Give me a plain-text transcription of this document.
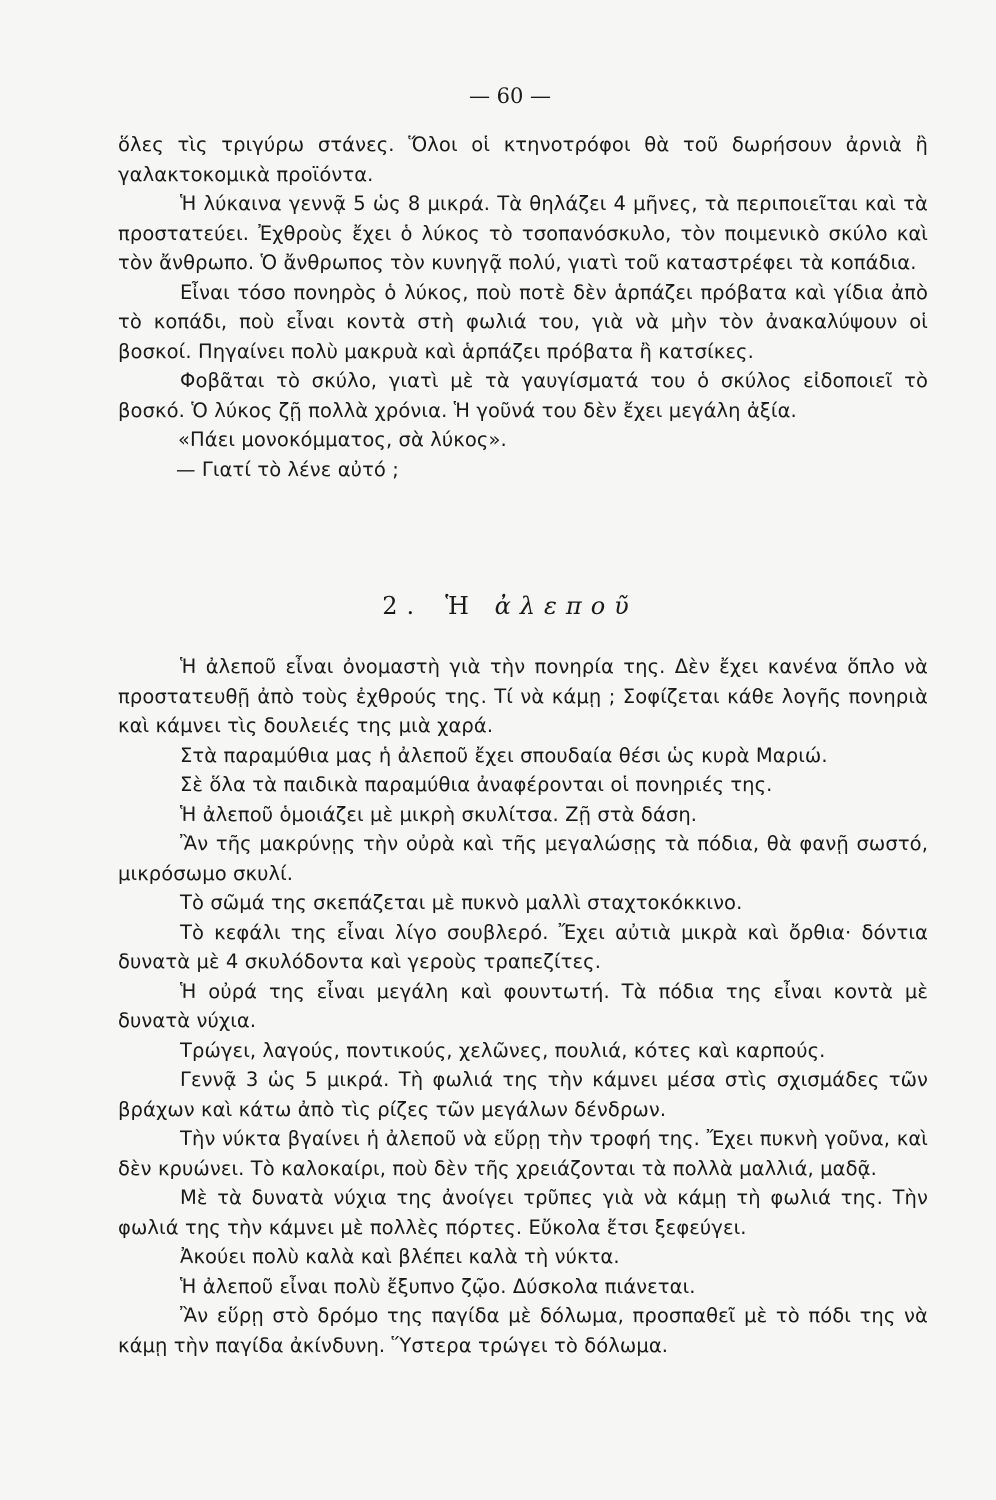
— 60 —

ὅλες τὶς τριγύρω στάνες. Ὅλοι οἱ κτηνοτρόφοι θὰ τοῦ δωρήσουν ἀρνιὰ ἢ γαλακτοκομικὰ προϊόντα.

Ἡ λύκαινα γεννᾷ 5 ὡς 8 μικρά. Τὰ θηλάζει 4 μῆνες, τὰ περιποιεῖται καὶ τὰ προστατεύει. Ἐχθροὺς ἔχει ὁ λύκος τὸ τσοπανόσκυλο, τὸν ποιμενικὸ σκύλο καὶ τὸν ἄνθρωπο. Ὁ ἄνθρωπος τὸν κυνηγᾷ πολύ, γιατὶ τοῦ καταστρέφει τὰ κοπάδια.

Εἶναι τόσο πονηρὸς ὁ λύκος, ποὺ ποτὲ δὲν ἁρπάζει πρόβατα καὶ γίδια ἀπὸ τὸ κοπάδι, ποὺ εἶναι κοντὰ στὴ φωλιά του, γιὰ νὰ μὴν τὸν ἀνακαλύψουν οἱ βοσκοί. Πηγαίνει πολὺ μακρυὰ καὶ ἁρπάζει πρόβατα ἢ κατσίκες.

Φοβᾶται τὸ σκύλο, γιατὶ μὲ τὰ γαυγίσματά του ὁ σκύλος εἰδοποιεῖ τὸ βοσκό. Ὁ λύκος ζῇ πολλὰ χρόνια. Ἡ γοῦνά του δὲν ἔχει μεγάλη ἀξία.

«Πάει μονοκόμματος, σὰ λύκος».

— Γιατί τὸ λένε αὐτό ;

2. Ἡ ἀλεποῦ

Ἡ ἀλεποῦ εἶναι ὀνομαστὴ γιὰ τὴν πονηρία της. Δὲν ἔχει κανένα ὅπλο νὰ προστατευθῇ ἀπὸ τοὺς ἐχθρούς της. Τί νὰ κάμῃ ; Σοφίζεται κάθε λογῆς πονηριὰ καὶ κάμνει τὶς δουλειές της μιὰ χαρά.

Στὰ παραμύθια μας ἡ ἀλεποῦ ἔχει σπουδαία θέσι ὡς κυρὰ Μαριώ.

Σὲ ὅλα τὰ παιδικὰ παραμύθια ἀναφέρονται οἱ πονηριές της.

Ἡ ἀλεποῦ ὁμοιάζει μὲ μικρὴ σκυλίτσα. Ζῇ στὰ δάση.

Ἂν τῆς μακρύνῃς τὴν οὐρὰ καὶ τῆς μεγαλώσῃς τὰ πόδια, θὰ φανῇ σωστό, μικρόσωμο σκυλί.

Τὸ σῶμά της σκεπάζεται μὲ πυκνὸ μαλλὶ σταχτοκόκκινο.

Τὸ κεφάλι της εἶναι λίγο σουβλερό. Ἔχει αὐτιὰ μικρὰ καὶ ὄρθια· δόντια δυνατὰ μὲ 4 σκυλόδοντα καὶ γεροὺς τραπεζίτες.

Ἡ οὐρά της εἶναι μεγάλη καὶ φουντωτή. Τὰ πόδια της εἶναι κοντὰ μὲ δυνατὰ νύχια.

Τρώγει, λαγούς, ποντικούς, χελῶνες, πουλιά, κότες καὶ καρπούς.

Γεννᾷ 3 ὡς 5 μικρά. Τὴ φωλιά της τὴν κάμνει μέσα στὶς σχισμάδες τῶν βράχων καὶ κάτω ἀπὸ τὶς ρίζες τῶν μεγάλων δένδρων.

Τὴν νύκτα βγαίνει ἡ ἀλεποῦ νὰ εὕρῃ τὴν τροφή της. Ἔχει πυκνὴ γοῦνα, καὶ δὲν κρυώνει. Τὸ καλοκαίρι, ποὺ δὲν τῆς χρειάζονται τὰ πολλὰ μαλλιά, μαδᾷ.

Μὲ τὰ δυνατὰ νύχια της ἀνοίγει τρῦπες γιὰ νὰ κάμῃ τὴ φωλιά της. Τὴν φωλιά της τὴν κάμνει μὲ πολλὲς πόρτες. Εὔκολα ἔτσι ξεφεύγει.

Ἀκούει πολὺ καλὰ καὶ βλέπει καλὰ τὴ νύκτα.

Ἡ ἀλεποῦ εἶναι πολὺ ἔξυπνο ζῷο. Δύσκολα πιάνεται.

Ἂν εὕρῃ στὸ δρόμο της παγίδα μὲ δόλωμα, προσπαθεῖ μὲ τὸ πόδι της νὰ κάμῃ τὴν παγίδα ἀκίνδυνη. Ὕστερα τρώγει τὸ δόλωμα.
